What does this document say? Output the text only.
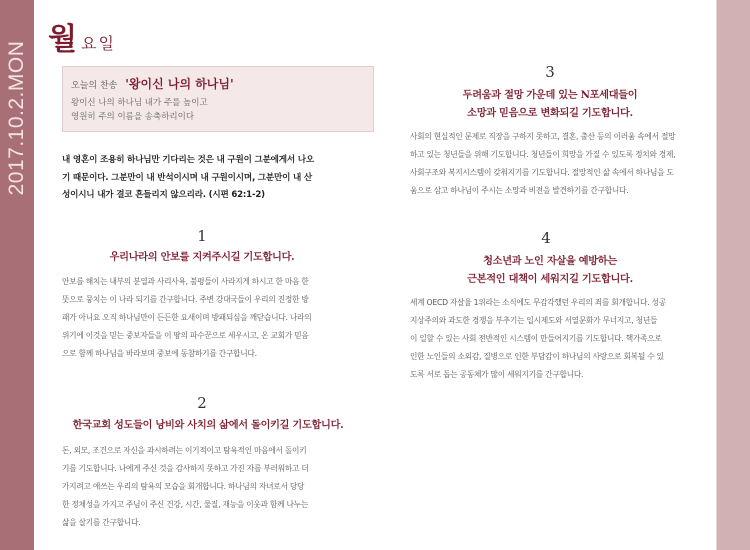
2017.10.2.MON
월 요일
오늘의 찬송 '왕이신 나의 하나님'
왕이신 나의 하나님 내가 주를 높이고
영원히 주의 이름을 송축하리이다
내 영혼이 조용히 하나님만 기다리는 것은 내 구원이 그분에게서 나오
기 때문이다. 그분만이 내 반석이시며 내 구원이시며, 그분만이 내 산
성이시니 내가 결코 흔들리지 않으리라. (시편 62:1-2)
1
우리나라의 안보를 지켜주시길 기도합니다.
안보를 해치는 내부의 분열과 사리사욕, 불평들이 사라지게 하시고 한 마음 한
뜻으로 뭉치는 이 나라 되기를 간구합니다. 주변 강대국들이 우리의 진정한 방
패가 아니요 오직 하나님만이 든든한 요새이며 방패되심을 깨닫습니다. 나라의
위기에 이것을 믿는 중보자들을 이 땅의 파수꾼으로 세우시고, 온 교회가 믿음
으로 함께 하나님을 바라보며 중보에 동참하기를 간구합니다.
2
한국교회 성도들이 낭비와 사치의 삶에서 돌이키길 기도합니다.
돈, 외모, 조건으로 자신을 과시하려는 이기적이고 탐욕적인 마음에서 돌이키
기를 기도합니다. 나에게 주신 것을 감사하지 못하고 가진 자를 부러워하고 더
가지려고 애쓰는 우리의 탐욕의 모습을 회개합니다. 하나님의 자녀로서 당당
한 정체성을 가지고 주님이 주신 건강, 시간, 물질, 재능을 이웃과 함께 나누는
삶을 살기를 간구합니다.
3
두려움과 절망 가운데 있는 N포세대들이
소망과 믿음으로 변화되길 기도합니다.
사회의 현실적인 문제로 직장을 구하지 못하고, 결혼, 출산 등의 이러움 속에서 절망
하고 있는 청년들을 위해 기도합니다. 청년들이 희망을 가질 수 있도록 정치와 경제,
사회구조와 복지시스템이 갖춰지기를 기도합니다. 절망적인 삶 속에서 하나님을 도
움으로 삼고 하나님이 주시는 소망과 비전을 발견하기를 간구합니다.
4
청소년과 노인 자살을 예방하는
근본적인 대책이 세워지길 기도합니다.
세계 OECD 자살율 1위라는 소식에도 무감각했던 우리의 죄를 회개합니다. 성공
지상주의와 과도한 경쟁을 부추기는 입시제도와 서열문화가 무너지고, 청년들
이 일할 수 있는 사회 전반적인 시스템이 만들어지기를 기도합니다. 핵가족으로
인한 노인들의 소외감, 질병으로 인한 부담감이 하나님의 사랑으로 회복될 수 있
도록 서로 돕는 공동체가 많이 세워지기를 간구합니다.
